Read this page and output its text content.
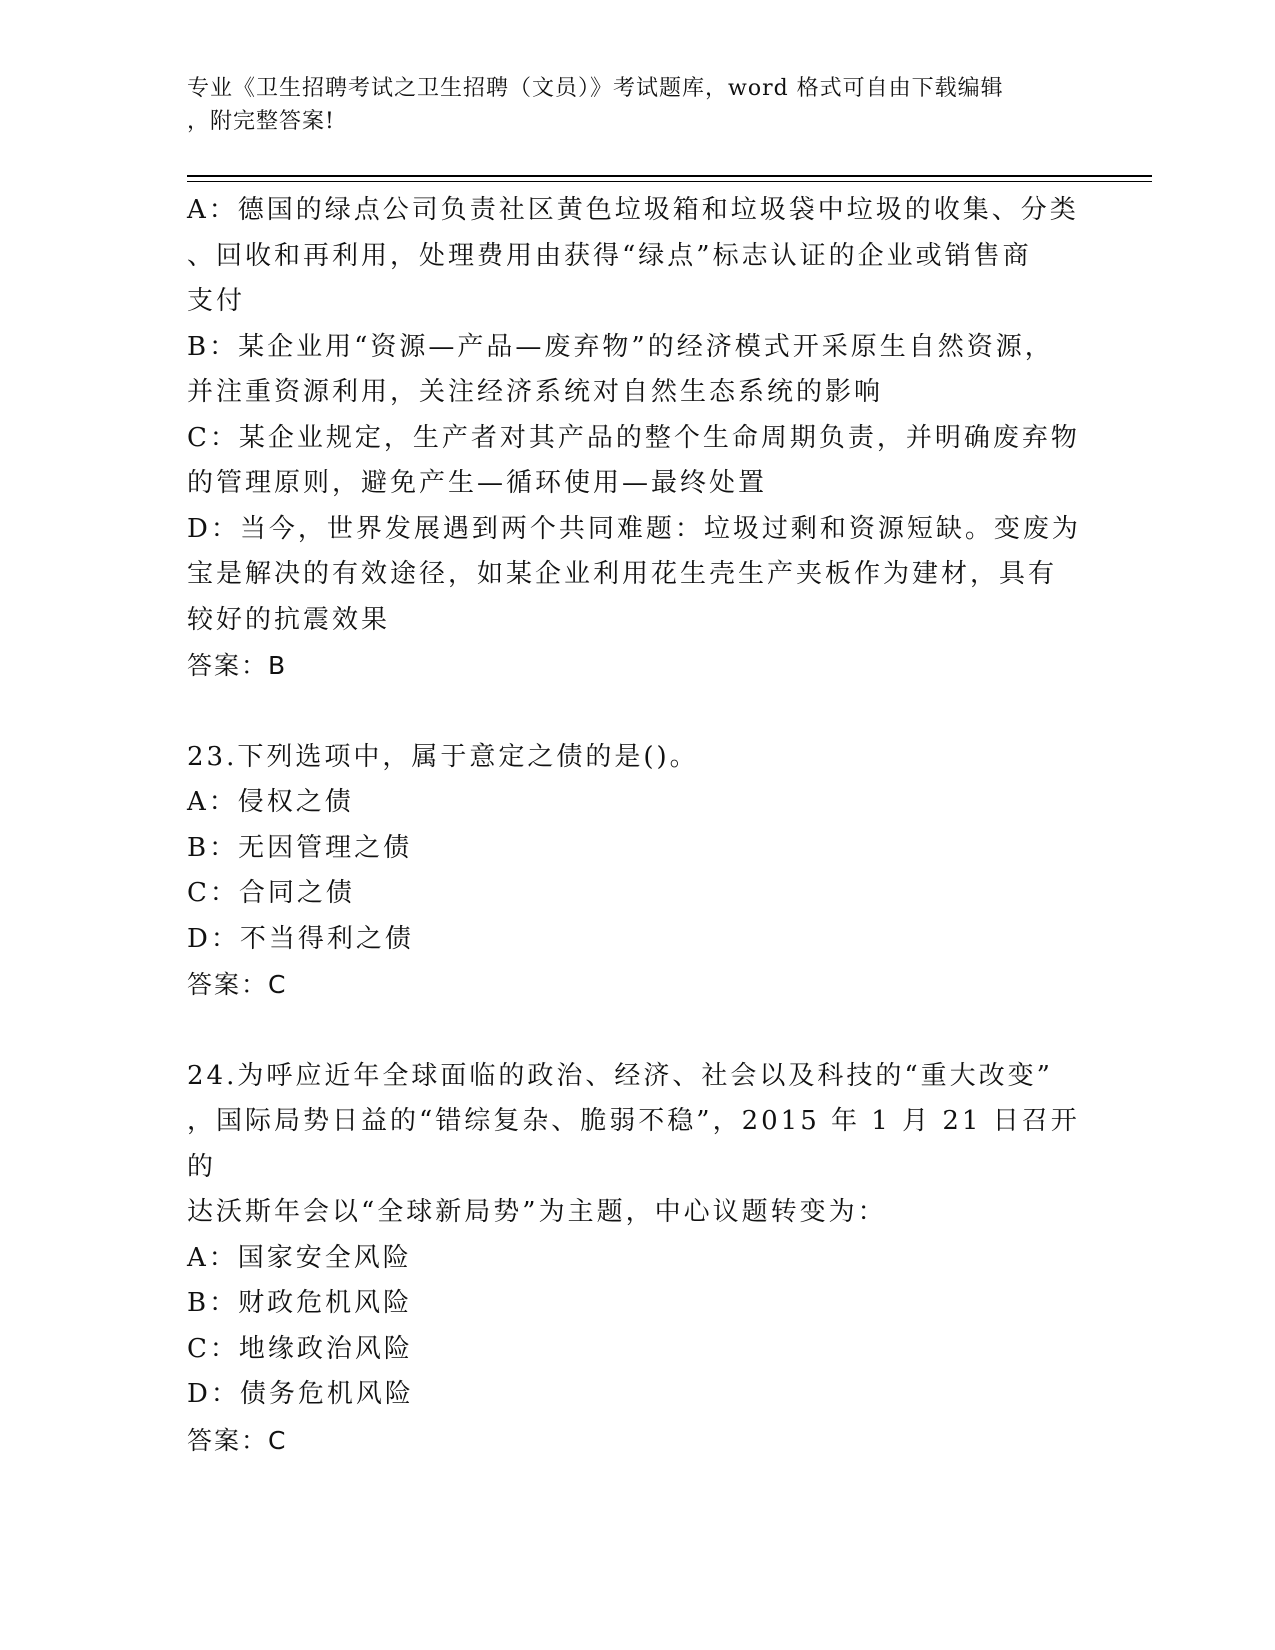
专业《卫生招聘考试之卫生招聘（文员）》考试题库，word 格式可自由下载编辑
，附完整答案!
A：德国的绿点公司负责社区黄色垃圾箱和垃圾袋中垃圾的收集、分类
、回收和再利用，处理费用由获得“绿点”标志认证的企业或销售商
支付
B：某企业用“资源—产品—废弃物”的经济模式开采原生自然资源，
并注重资源利用，关注经济系统对自然生态系统的影响
C：某企业规定，生产者对其产品的整个生命周期负责，并明确废弃物
的管理原则，避免产生—循环使用—最终处置
D：当今，世界发展遇到两个共同难题：垃圾过剩和资源短缺。变废为
宝是解决的有效途径，如某企业利用花生壳生产夹板作为建材，具有
较好的抗震效果
答案：B
23.下列选项中，属于意定之债的是()。
A：侵权之债
B：无因管理之债
C：合同之债
D：不当得利之债
答案：C
24.为呼应近年全球面临的政治、经济、社会以及科技的“重大改变”
，国际局势日益的“错综复杂、脆弱不稳”，2015 年 1 月 21 日召开的
达沃斯年会以“全球新局势”为主题，中心议题转变为：
A：国家安全风险
B：财政危机风险
C：地缘政治风险
D：债务危机风险
答案：C
